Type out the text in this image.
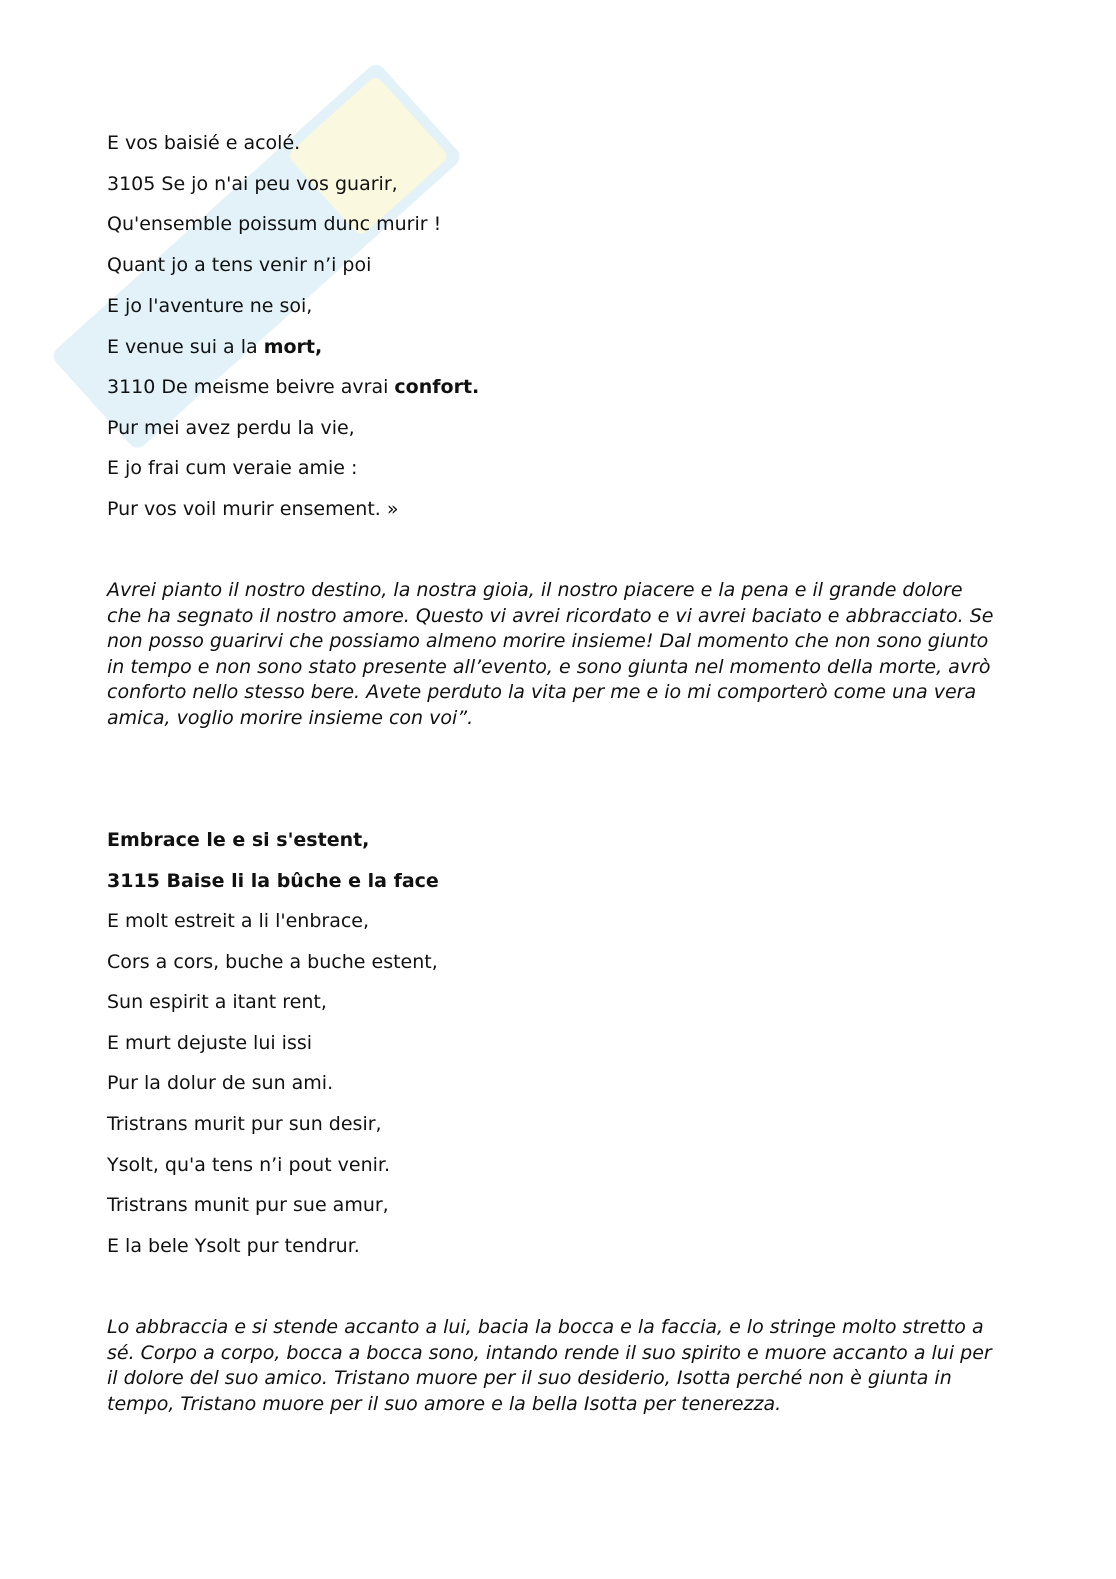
E vos baisié e acolé.
3105 Se jo n'ai peu vos guarir,
Qu'ensemble poissum dunc murir !
Quant jo a tens venir n’i poi
E jo l'aventure ne soi,
E venue sui a la mort,
3110 De meisme beivre avrai confort.
Pur mei avez perdu la vie,
E jo frai cum veraie amie :
Pur vos voil murir ensement. »
Avrei pianto il nostro destino, la nostra gioia, il nostro piacere e la pena e il grande dolore che ha segnato il nostro amore. Questo vi avrei ricordato e vi avrei baciato e abbracciato. Se non posso guarirvi che possiamo almeno morire insieme! Dal momento che non sono giunto in tempo e non sono stato presente all’evento, e sono giunta nel momento della morte, avrò conforto nello stesso bere. Avete perduto la vita per me e io mi comporterò come una vera amica, voglio morire insieme con voi”.
Embrace le e si s'estent,
3115 Baise li la bûche e la face
E molt estreit a li l'enbrace,
Cors a cors, buche a buche estent,
Sun espirit a itant rent,
E murt dejuste lui issi
Pur la dolur de sun ami.
Tristrans murit pur sun desir,
Ysolt, qu'a tens n’i pout venir.
Tristrans munit pur sue amur,
E la bele Ysolt pur tendrur.
Lo abbraccia e si stende accanto a lui, bacia la bocca e la faccia, e lo stringe molto stretto a sé. Corpo a corpo, bocca a bocca sono, intando rende il suo spirito e muore accanto a lui per il dolore del suo amico. Tristano muore per il suo desiderio, Isotta perché non è giunta in tempo, Tristano muore per il suo amore e la bella Isotta per tenerezza.
